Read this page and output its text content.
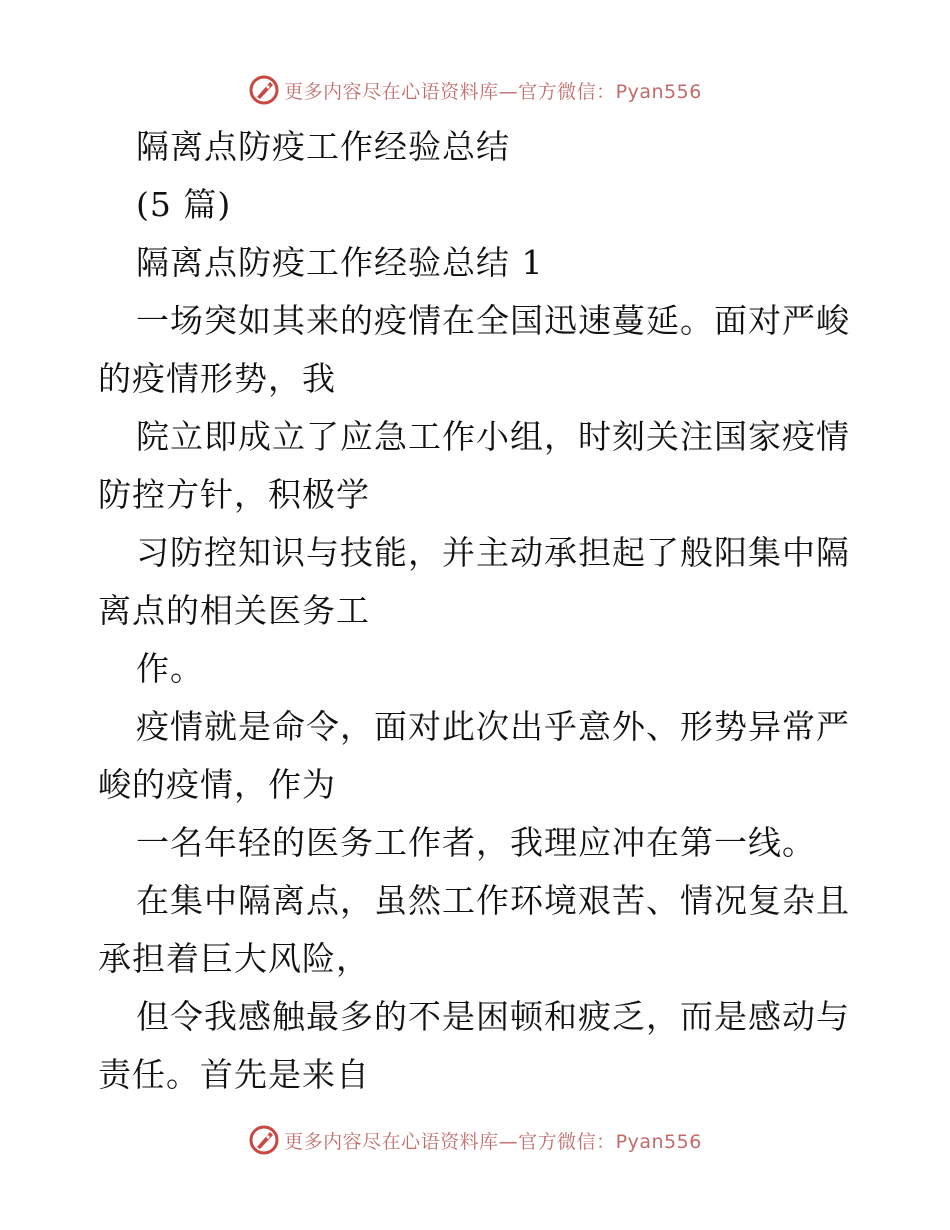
更多内容尽在心语资料库—官方微信：Pyan556
隔离点防疫工作经验总结
(5 篇)
隔离点防疫工作经验总结 1
一场突如其来的疫情在全国迅速蔓延。面对严峻
的疫情形势，我
院立即成立了应急工作小组，时刻关注国家疫情
防控方针，积极学
习防控知识与技能，并主动承担起了般阳集中隔
离点的相关医务工
作。
疫情就是命令，面对此次出乎意外、形势异常严
峻的疫情，作为
一名年轻的医务工作者，我理应冲在第一线。
在集中隔离点，虽然工作环境艰苦、情况复杂且
承担着巨大风险，
但令我感触最多的不是困顿和疲乏，而是感动与
责任。首先是来自
更多内容尽在心语资料库—官方微信：Pyan556
